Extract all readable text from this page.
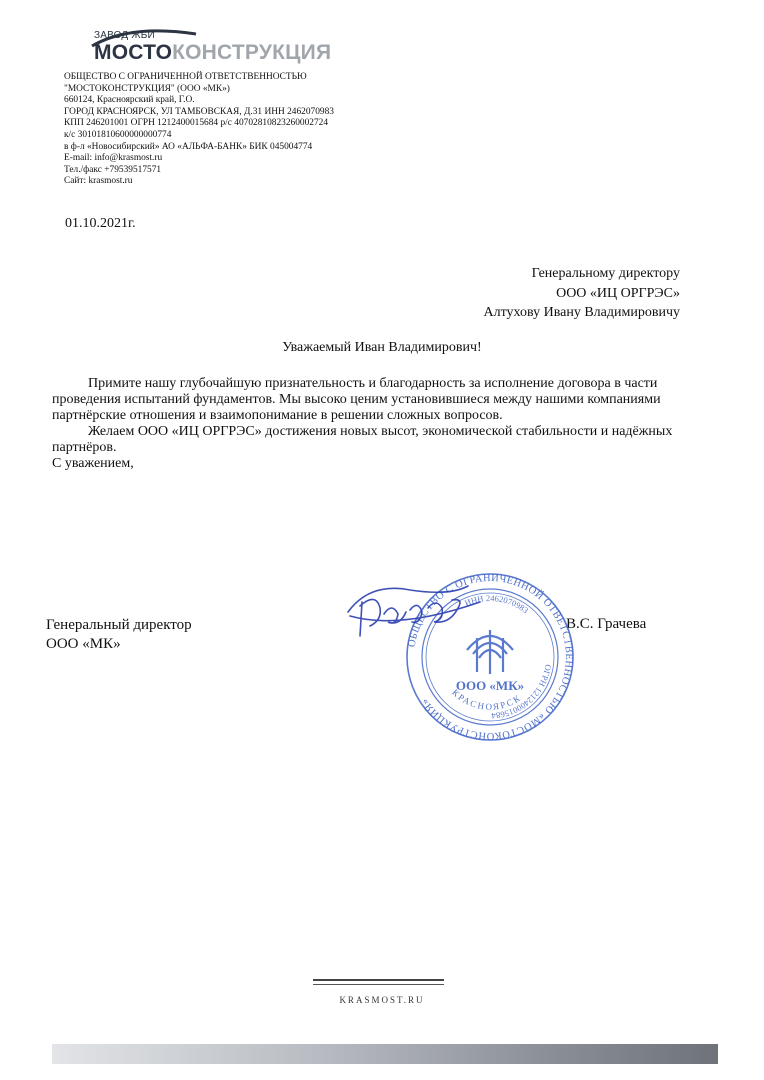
ЗАВОД ЖБИ
МОСТОКОНСТРУКЦИЯ
ОБЩЕСТВО С ОГРАНИЧЕННОЙ ОТВЕТСТВЕННОСТЬЮ
"МОСТОКОНСТРУКЦИЯ" (ООО «МК»)
660124, Красноярский край, Г.О.
ГОРОД КРАСНОЯРСК, УЛ ТАМБОВСКАЯ, Д.31 ИНН 2462070983
КПП 246201001 ОГРН 1212400015684 р/с 40702810823260002724
к/с 30101810600000000774
в ф-л «Новосибирский» АО «АЛЬФА-БАНК» БИК 045004774
E-mail: info@krasmost.ru
Тел./факс +79539517571
Сайт: krasmost.ru
01.10.2021г.
Генеральному директору
ООО «ИЦ ОРГРЭС»
Алтухову Ивану Владимировичу
Уважаемый Иван Владимирович!

Примите нашу глубочайшую признательность и благодарность за исполнение договора в части проведения испытаний фундаментов. Мы высоко ценим установившиеся между нашими компаниями партнёрские отношения и взаимопонимание в решении сложных вопросов.

Желаем ООО «ИЦ ОРГРЭС» достижения новых высот, экономической стабильности и надёжных партнёров.

С уважением,

Генеральный директор
ООО «МК»
В.С. Грачева
ОБЩЕСТВО С ОГРАНИЧЕННОЙ ОТВЕТСТВЕННОСТЬЮ «МОСТОКОНСТРУКЦИЯ»
ОГРН 1212400015684
ИНН 2462070983
КРАСНОЯРСК
ООО «МК»
KRASMOST.RU
